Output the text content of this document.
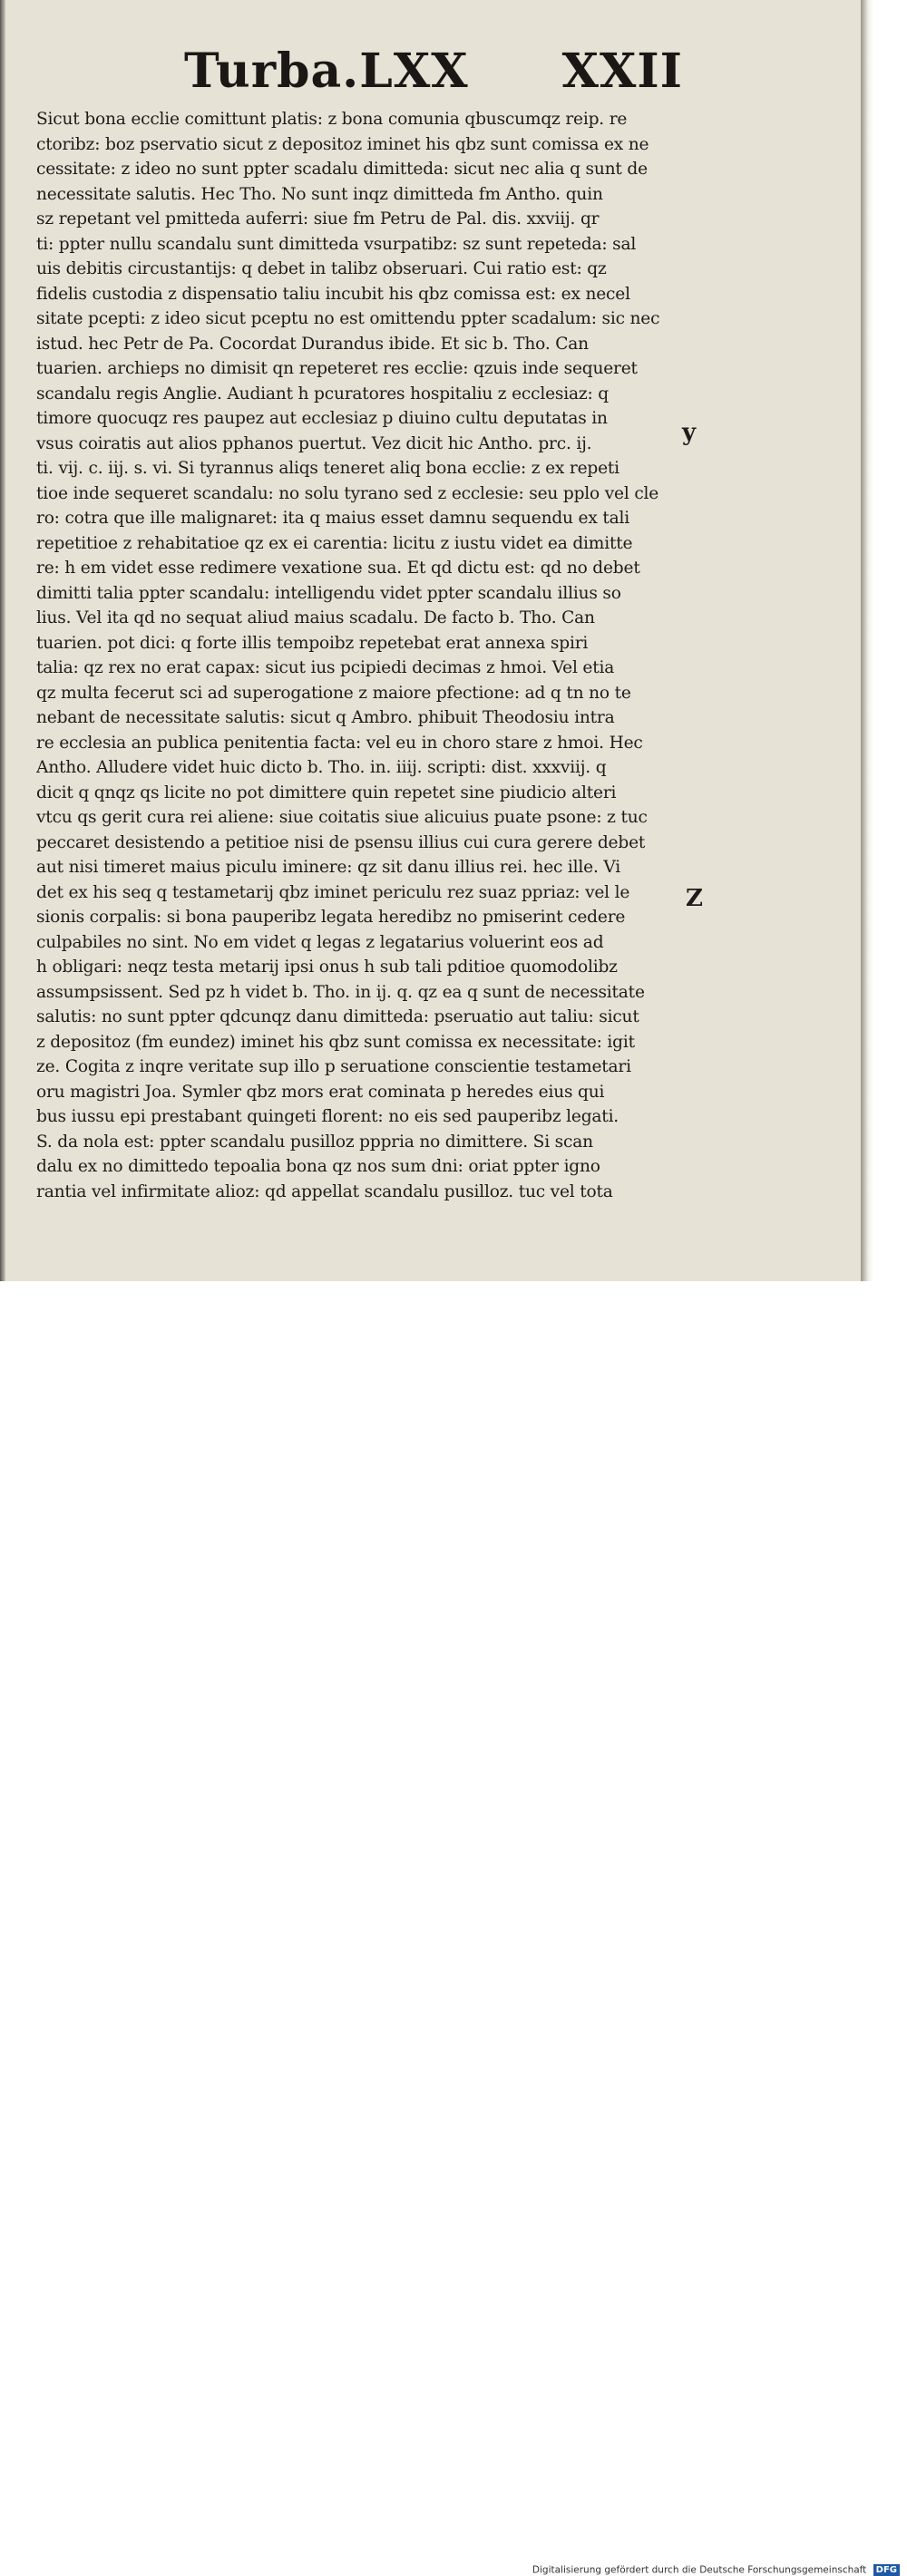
Turba.LXX XXII
Sicut bona ecclie comittunt platis: z bona comunia qbuscumqz reip. re
ctoribz: boz pservatio sicut z depositoz iminet his qbz sunt comissa ex ne
cessitate: z ideo no sunt ppter scadalu dimitteda: sicut nec alia q sunt de
necessitate salutis. Hec Tho. No sunt inqz dimitteda fm Antho. quin
sz repetant vel pmitteda auferri: siue fm Petru de Pal. dis. xxviij. qr
ti: ppter nullu scandalu sunt dimitteda vsurpatibz: sz sunt repeteda: sal
uis debitis circustantijs: q debet in talibz obseruari. Cui ratio est: qz
fidelis custodia z dispensatio taliu incubit his qbz comissa est: ex necel
sitate pcepti: z ideo sicut pceptu no est omittendu ppter scadalum: sic nec
istud. hec Petr de Pa. Cocordat Durandus ibide. Et sic b. Tho. Can
tuarien. archieps no dimisit qn repeteret res ecclie: qzuis inde sequeret
scandalu regis Anglie. Audiant h pcuratores hospitaliu z ecclesiaz: q
timore quocuqz res paupez aut ecclesiaz p diuino cultu deputatas in
vsus coiratis aut alios pphanos puertut. Vez dicit hic Antho. prc. ij.
ti. vij. c. iij. s. vi. Si tyrannus aliqs teneret aliq bona ecclie: z ex repeti
tioe inde sequeret scandalu: no solu tyrano sed z ecclesie: seu pplo vel cle
ro: cotra que ille malignaret: ita q maius esset damnu sequendu ex tali
repetitioe z rehabitatioe qz ex ei carentia: licitu z iustu videt ea dimitte
re: h em videt esse redimere vexatione sua. Et qd dictu est: qd no debet
dimitti talia ppter scandalu: intelligendu videt ppter scandalu illius so
lius. Vel ita qd no sequat aliud maius scadalu. De facto b. Tho. Can
tuarien. pot dici: q forte illis tempoibz repetebat erat annexa spiri
talia: qz rex no erat capax: sicut ius pcipiedi decimas z hmoi. Vel etia
qz multa fecerut sci ad superogatione z maiore pfectione: ad q tn no te
nebant de necessitate salutis: sicut q Ambro. phibuit Theodosiu intra
re ecclesia an publica penitentia facta: vel eu in choro stare z hmoi. Hec
Antho. Alludere videt huic dicto b. Tho. in. iiij. scripti: dist. xxxviij. q
dicit q qnqz qs licite no pot dimittere quin repetet sine piudicio alteri
vtcu qs gerit cura rei aliene: siue coitatis siue alicuius puate psone: z tuc
peccaret desistendo a petitioe nisi de psensu illius cui cura gerere debet
aut nisi timeret maius piculu iminere: qz sit danu illius rei. hec ille. Vi
det ex his seq q testametarij qbz iminet periculu rez suaz ppriaz: vel le
sionis corpalis: si bona pauperibz legata heredibz no pmiserint cedere
culpabiles no sint. No em videt q legas z legatarius voluerint eos ad
h obligari: neqz testa metarij ipsi onus h sub tali pditioe quomodolibz
assumpsissent. Sed pz h videt b. Tho. in ij. q. qz ea q sunt de necessitate
salutis: no sunt ppter qdcunqz danu dimitteda: pseruatio aut taliu: sicut
z depositoz (fm eundez) iminet his qbz sunt comissa ex necessitate: igit
ze. Cogita z inqre veritate sup illo p seruatione conscientie testametari
oru magistri Joa. Symler qbz mors erat cominata p heredes eius qui
bus iussu epi prestabant quingeti florent: no eis sed pauperibz legati.
S. da nola est: ppter scandalu pusilloz pppria no dimittere. Si scan
dalu ex no dimittedo tepoalia bona qz nos sum dni: oriat ppter igno
rantia vel infirmitate alioz: qd appellat scandalu pusilloz. tuc vel tota
y
Z
Digitalisierung gefördert durch die Deutsche Forschungsgemeinschaft DFG
